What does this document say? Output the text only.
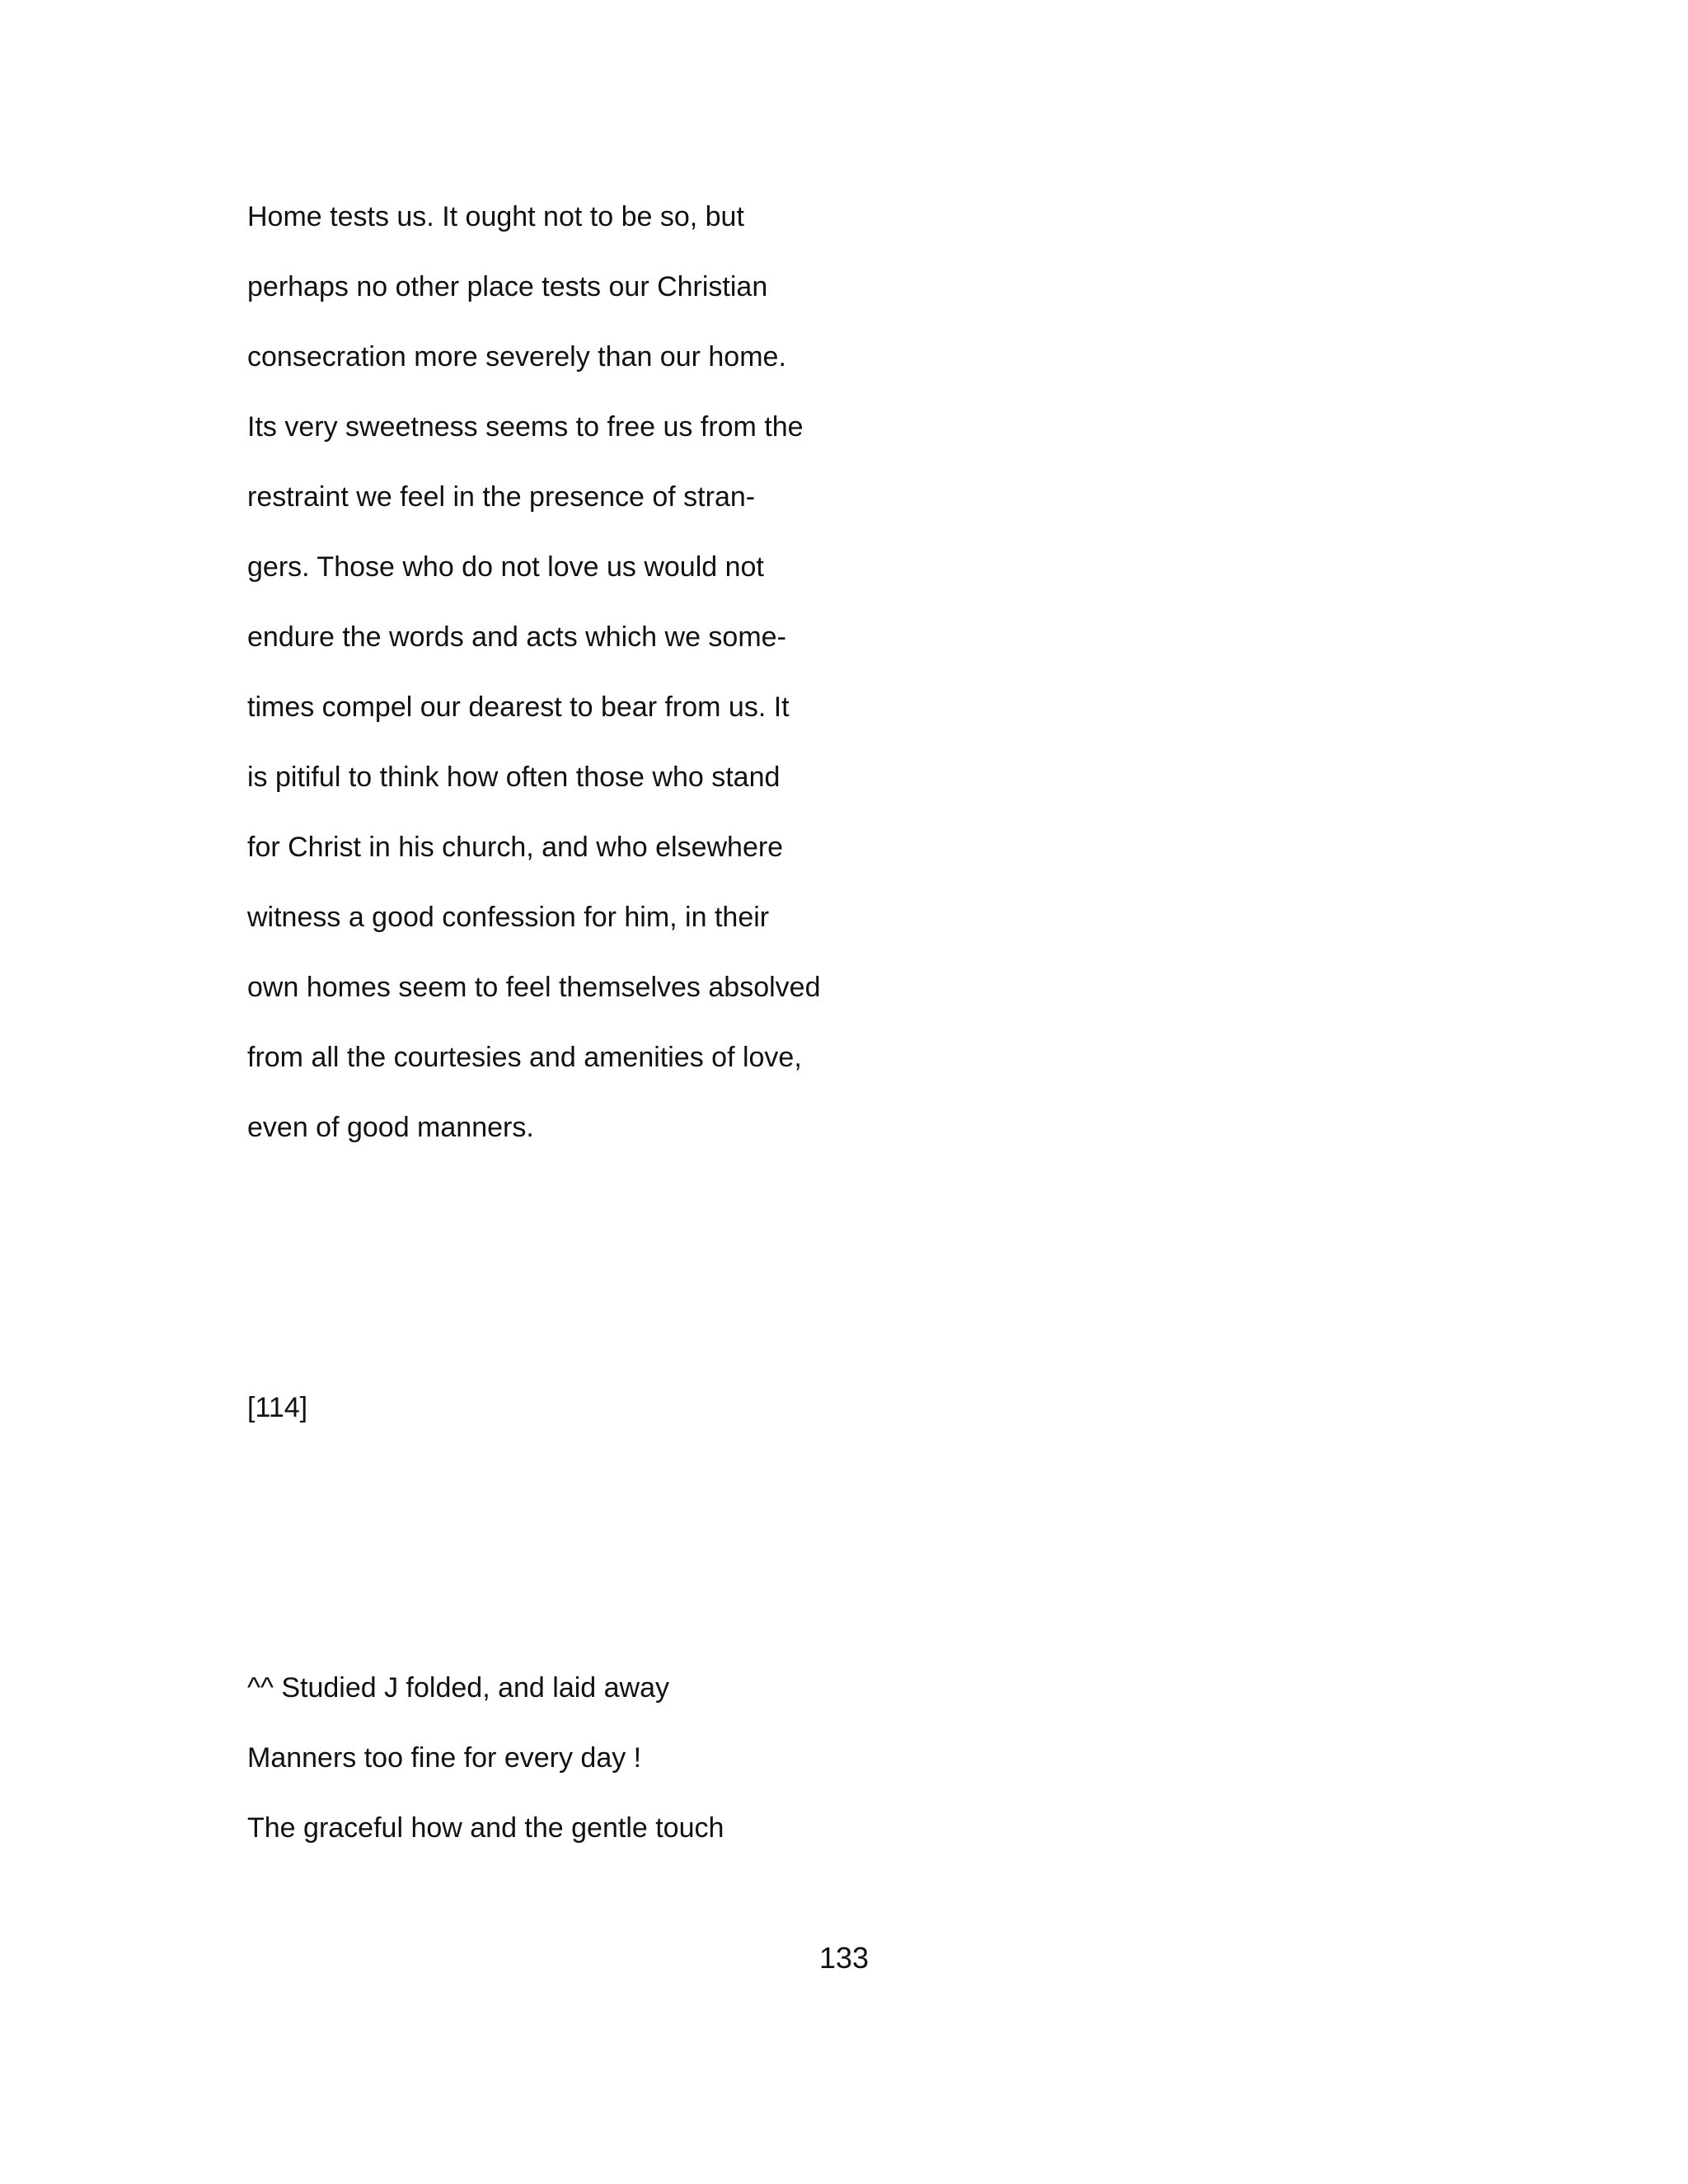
Home tests us. It ought not to be so, but

perhaps no other place tests our Christian

consecration more severely than our home.

Its very sweetness seems to free us from the

restraint we feel in the presence of stran-

gers. Those who do not love us would not

endure the words and acts which we some-

times compel our dearest to bear from us. It

is pitiful to think how often those who stand

for Christ in his church, and who elsewhere

witness a good confession for him, in their

own homes seem to feel themselves absolved

from all the courtesies and amenities of love,

even of good manners.

[114]

^^ Studied J folded, and laid away

Manners too fine for every day !

The graceful how and the gentle touch

133
